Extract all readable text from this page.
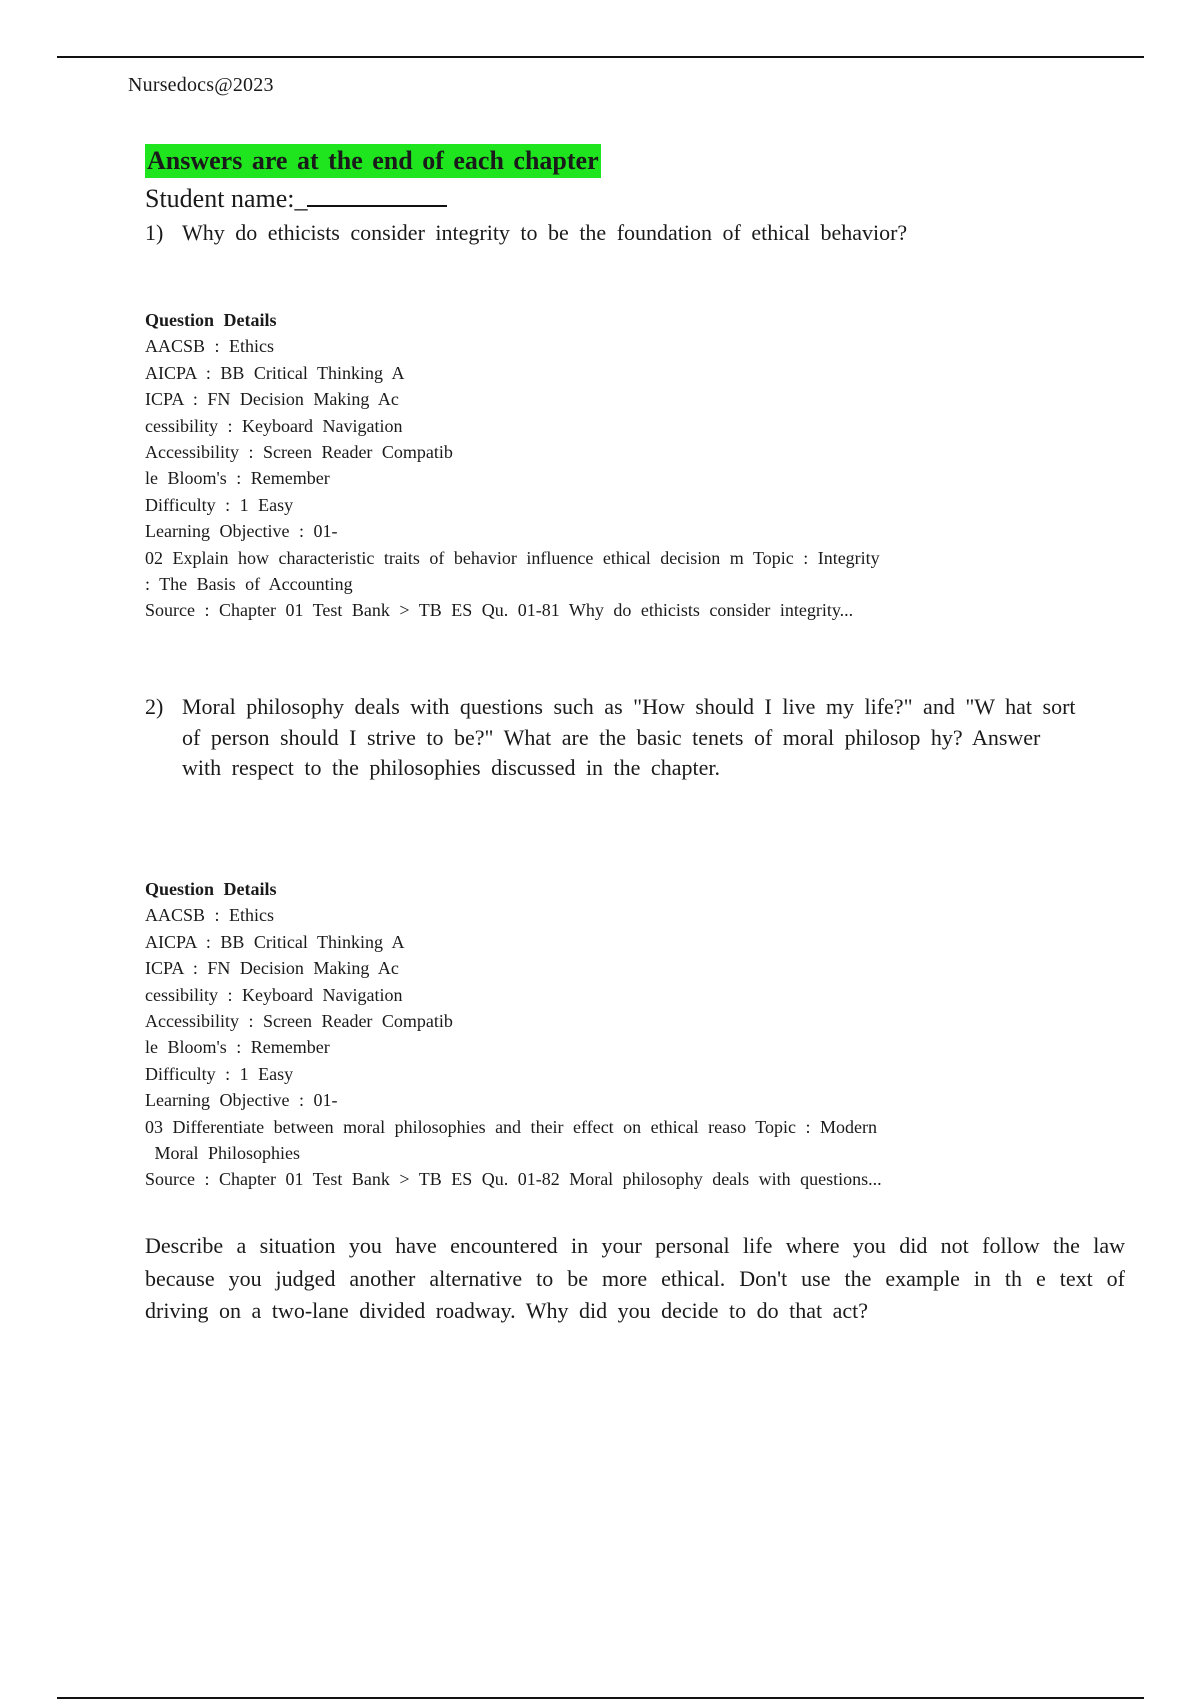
Nursedocs@2023
Answers are at the end of each chapter
Student name:_
1) Why do ethicists consider integrity to be the foundation of ethical behavior?
Question Details
AACSB : Ethics
AICPA : BB Critical Thinking A
ICPA : FN Decision Making Ac
cessibility : Keyboard Navigation
Accessibility : Screen Reader Compatib
le Bloom's : Remember
Difficulty : 1 Easy
Learning Objective : 01-
02 Explain how characteristic traits of behavior influence ethical decision m Topic : Integrity
: The Basis of Accounting
Source : Chapter 01 Test Bank > TB ES Qu. 01-81 Why do ethicists consider integrity...
2) Moral philosophy deals with questions such as "How should I live my life?" and "W hat sort of person should I strive to be?" What are the basic tenets of moral philosop hy? Answer with respect to the philosophies discussed in the chapter.
Question Details
AACSB : Ethics
AICPA : BB Critical Thinking A
ICPA : FN Decision Making Ac
cessibility : Keyboard Navigation
Accessibility : Screen Reader Compatib
le Bloom's : Remember
Difficulty : 1 Easy
Learning Objective : 01-
03 Differentiate between moral philosophies and their effect on ethical reaso Topic : Modern
Moral Philosophies
Source : Chapter 01 Test Bank > TB ES Qu. 01-82 Moral philosophy deals with questions...
Describe a situation you have encountered in your personal life where you did not follow the law because you judged another alternative to be more ethical. Don't use the example in th e text of driving on a two-lane divided roadway. Why did you decide to do that act?
